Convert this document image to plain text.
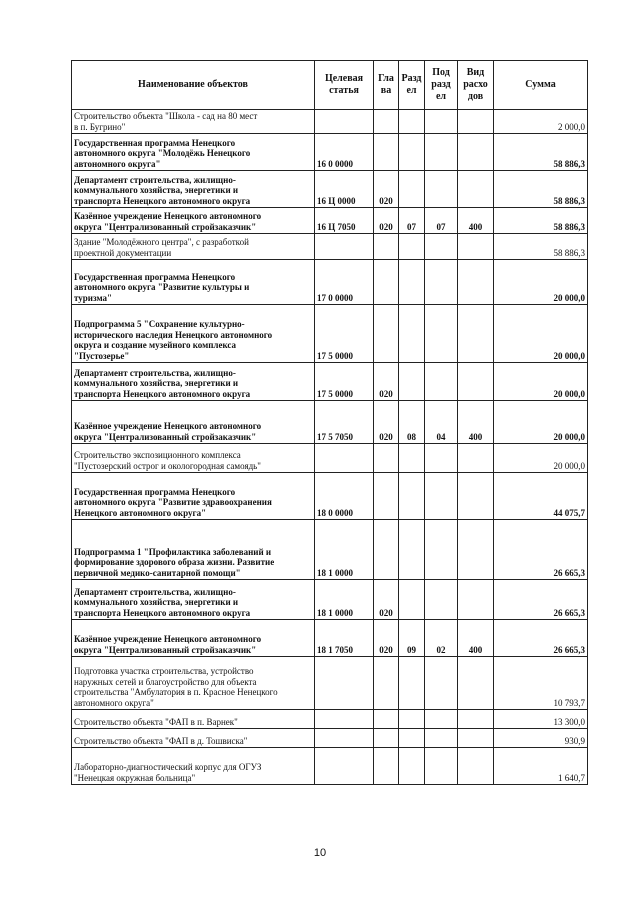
Наименование объектов	Целевая статья	Гла ва	Разд ел	Под разд ел	Вид расхо дов	Сумма
Строительство объекта "Школа - сад на 80 мест
в п. Бугрино"						2 000,0
Государственная программа Ненецкого
автономного округа "Молодёжь Ненецкого
автономного округа"	16 0 0000					58 886,3
Департамент строительства, жилищно-
коммунального хозяйства, энергетики и
транспорта Ненецкого автономного округа	16 Ц 0000	020				58 886,3
Казённое учреждение Ненецкого автономного
округа "Централизованный стройзаказчик"	16 Ц 7050	020	07	07	400	58 886,3
Здание "Молодёжного центра", с разработкой
проектной документации						58 886,3
Государственная программа Ненецкого
автономного округа "Развитие культуры и
туризма"	17 0 0000					20 000,0
Подпрограмма 5 "Сохранение культурно-
исторического наследия Ненецкого автономного
округа и создание музейного комплекса
"Пустозерье"	17 5 0000					20 000,0
Департамент строительства, жилищно-
коммунального хозяйства, энергетики и
транспорта Ненецкого автономного округа	17 5 0000	020				20 000,0
Казённое учреждение Ненецкого автономного
округа "Централизованный стройзаказчик"	17 5 7050	020	08	04	400	20 000,0
Строительство экспозиционного комплекса
"Пустозерский острог и окологородная самоядь"						20 000,0
Государственная программа Ненецкого
автономного округа "Развитие здравоохранения
Ненецкого автономного округа"	18 0 0000					44 075,7
Подпрограмма 1 "Профилактика заболеваний и
формирование здорового образа жизни. Развитие
первичной медико-санитарной помощи"	18 1 0000					26 665,3
Департамент строительства, жилищно-
коммунального хозяйства, энергетики и
транспорта Ненецкого автономного округа	18 1 0000	020				26 665,3
Казённое учреждение Ненецкого автономного
округа "Централизованный стройзаказчик"	18 1 7050	020	09	02	400	26 665,3
Подготовка участка строительства, устройство
наружных сетей и благоустройство для объекта
строительства "Амбулатория в п. Красное Ненецкого
автономного округа"						10 793,7
Строительство объекта "ФАП в п. Варнек"						13 300,0
Строительство объекта "ФАП в д. Тошвиска"						930,9
Лабораторно-диагностический корпус для ОГУЗ
"Ненецкая окружная больница"						1 640,7
10
